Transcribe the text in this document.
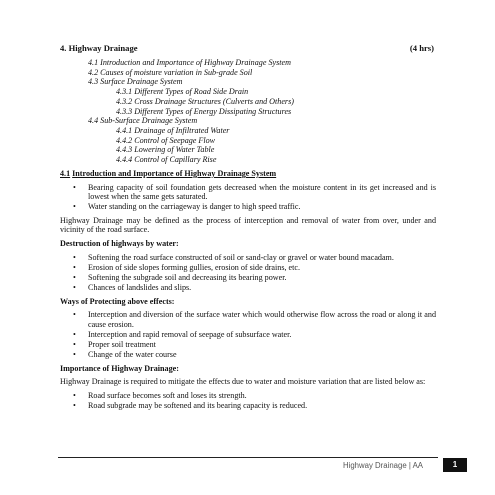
4. Highway Drainage	(4 hrs)
4.1 Introduction and Importance of Highway Drainage System
4.2 Causes of moisture variation in Sub-grade Soil
4.3 Surface Drainage System
4.3.1 Different Types of Road Side Drain
4.3.2 Cross Drainage Structures (Culverts and Others)
4.3.3 Different Types of Energy Dissipating Structures
4.4 Sub-Surface Drainage System
4.4.1 Drainage of Infiltrated Water
4.4.2 Control of Seepage Flow
4.4.3 Lowering of Water Table
4.4.4 Control of Capillary Rise
4.1 Introduction and Importance of Highway Drainage System
• Bearing capacity of soil foundation gets decreased when the moisture content in its get increased and is lowest when the same gets saturated.
• Water standing on the carriageway is danger to high speed traffic.

Highway Drainage may be defined as the process of interception and removal of water from over, under and vicinity of the road surface.

Destruction of highways by water:
• Softening the road surface constructed of soil or sand-clay or gravel or water bound macadam.
• Erosion of side slopes forming gullies, erosion of side drains, etc.
• Softening the subgrade soil and decreasing its bearing power.
• Chances of landslides and slips.
Ways of Protecting above effects:
• Interception and diversion of the surface water which would otherwise flow across the road or along it and cause erosion.
• Interception and rapid removal of seepage of subsurface water.
• Proper soil treatment
• Change of the water course
Importance of Highway Drainage:

Highway Drainage is required to mitigate the effects due to water and moisture variation that are listed below as:

• Road surface becomes soft and loses its strength.
• Road subgrade may be softened and its bearing capacity is reduced.
Highway Drainage | AA	1
